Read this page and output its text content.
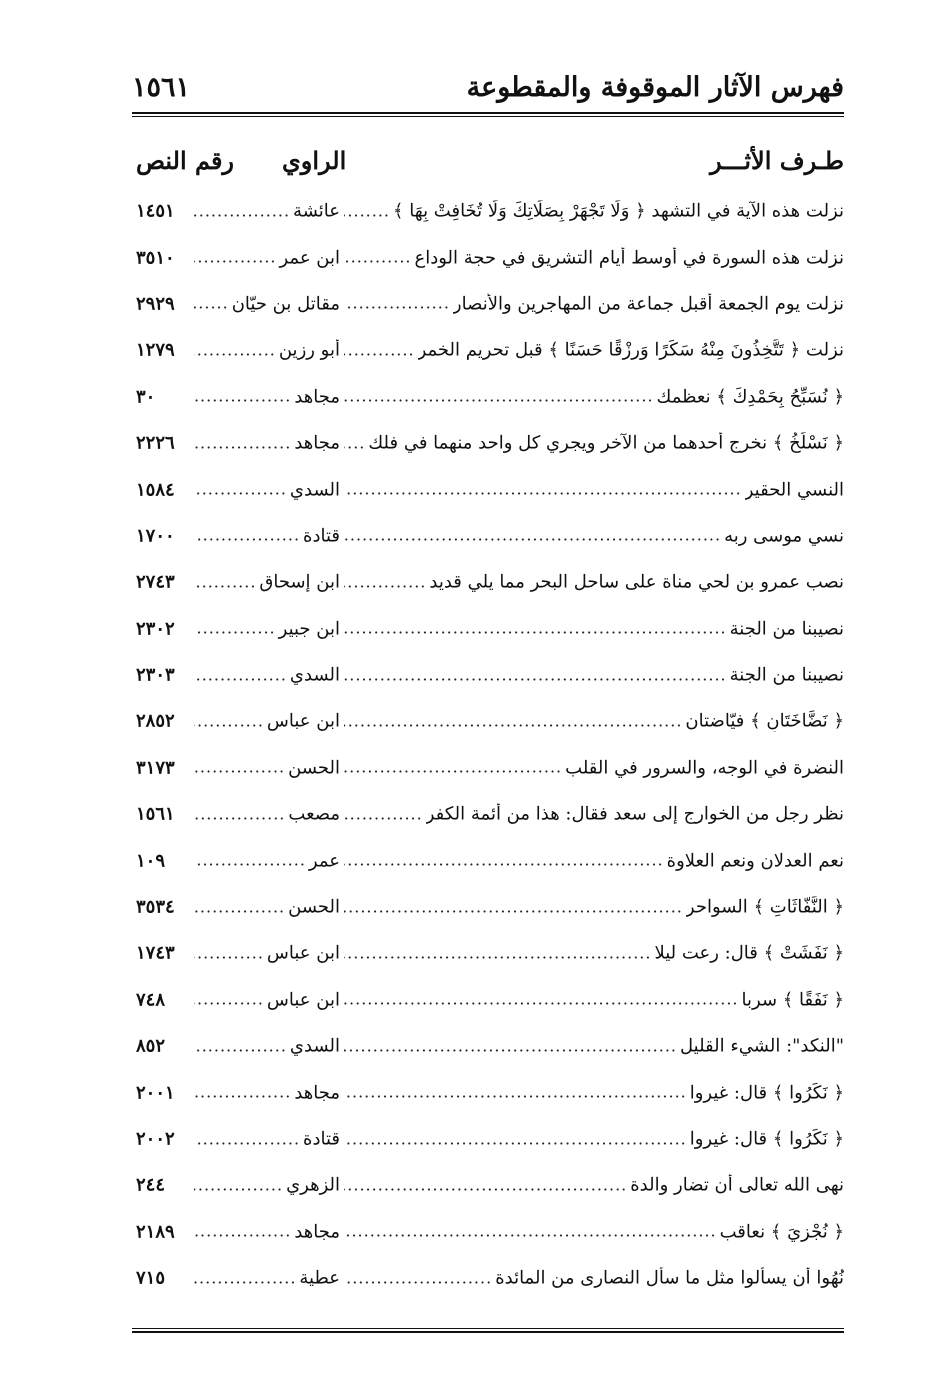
فهرس الآثار الموقوفة والمقطوعة
١٥٦١
طـرف الأثـــر
الراوي
رقم النص
نزلت هذه الآية في التشهد ﴿ وَلَا تَجْهَرْ بِصَلَاتِكَ وَلَا تُخَافِتْ بِهَا ﴾
.....
عائشة
.....
١٤٥١
نزلت هذه السورة في أوسط أيام التشريق في حجة الوداع
.....
ابن عمر
.....
٣٥١٠
نزلت يوم الجمعة أقبل جماعة من المهاجرين والأنصار
.....
مقاتل بن حيّان
.....
٢٩٢٩
نزلت ﴿ تَتَّخِذُونَ مِنْهُ سَكَرًا وَرِزْقًا حَسَنًا ﴾ قبل تحريم الخمر
.....
أبو رزين
.....
١٢٧٩
﴿ نُسَبِّحُ بِحَمْدِكَ ﴾ نعظمك
.....
مجاهد
.....
٣٠
﴿ نَسْلَخُ ﴾ نخرج أحدهما من الآخر ويجري كل واحد منهما في فلك
.....
مجاهد
.....
٢٢٢٦
النسي الحقير
.....
السدي
.....
١٥٨٤
نسي موسى ربه
.....
قتادة
.....
١٧٠٠
نصب عمرو بن لحي مناة على ساحل البحر مما يلي قديد
.....
ابن إسحاق
.....
٢٧٤٣
نصيبنا من الجنة
.....
ابن جبير
.....
٢٣٠٢
نصيبنا من الجنة
.....
السدي
.....
٢٣٠٣
﴿ نَضَّاخَتَانِ ﴾ فيّاضتان
.....
ابن عباس
.....
٢٨٥٢
النضرة في الوجه، والسرور في القلب
.....
الحسن
.....
٣١٧٣
نظر رجل من الخوارج إلى سعد فقال: هذا من أئمة الكفر
.....
مصعب
.....
١٥٦١
نعم العدلان ونعم العلاوة
.....
عمر
.....
١٠٩
﴿ النَّفَّاثَاتِ ﴾ السواحر
.....
الحسن
.....
٣٥٣٤
﴿ نَفَشَتْ ﴾ قال: رعت ليلا
.....
ابن عباس
.....
١٧٤٣
﴿ نَفَقًا ﴾ سربا
.....
ابن عباس
.....
٧٤٨
"النكد": الشيء القليل
.....
السدي
.....
٨٥٢
﴿ نَكِّرُوا ﴾ قال: غيروا
.....
مجاهد
.....
٢٠٠١
﴿ نَكِّرُوا ﴾ قال: غيروا
.....
قتادة
.....
٢٠٠٢
نهى الله تعالى أن تضار والدة
.....
الزهري
.....
٢٤٤
﴿ نُجْزِيَ ﴾ نعاقب
.....
مجاهد
.....
٢١٨٩
نُهُوا أن يسألوا مثل ما سأل النصارى من المائدة
.....
عطية
.....
٧١٥
